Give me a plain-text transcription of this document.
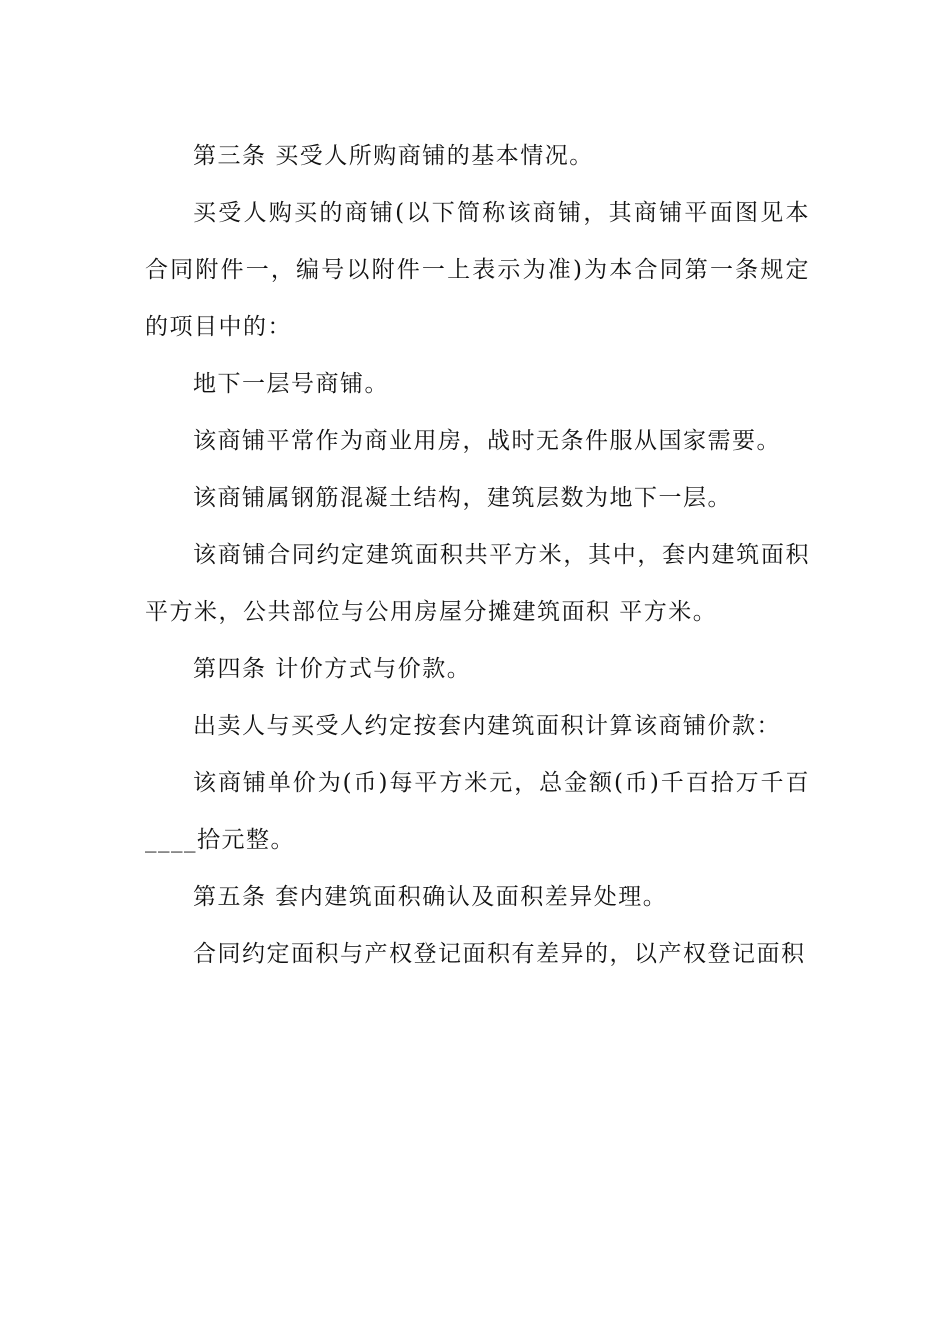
第三条 买受人所购商铺的基本情况。

买受人购买的商铺(以下简称该商铺，其商铺平面图见本合同附件一，编号以附件一上表示为准)为本合同第一条规定的项目中的：

地下一层号商铺。

该商铺平常作为商业用房，战时无条件服从国家需要。

该商铺属钢筋混凝土结构，建筑层数为地下一层。

该商铺合同约定建筑面积共平方米，其中，套内建筑面积平方米，公共部位与公用房屋分摊建筑面积 平方米。

第四条 计价方式与价款。

出卖人与买受人约定按套内建筑面积计算该商铺价款：

该商铺单价为(币)每平方米元，总金额(币)千百拾万千百____拾元整。

第五条 套内建筑面积确认及面积差异处理。

合同约定面积与产权登记面积有差异的，以产权登记面积
